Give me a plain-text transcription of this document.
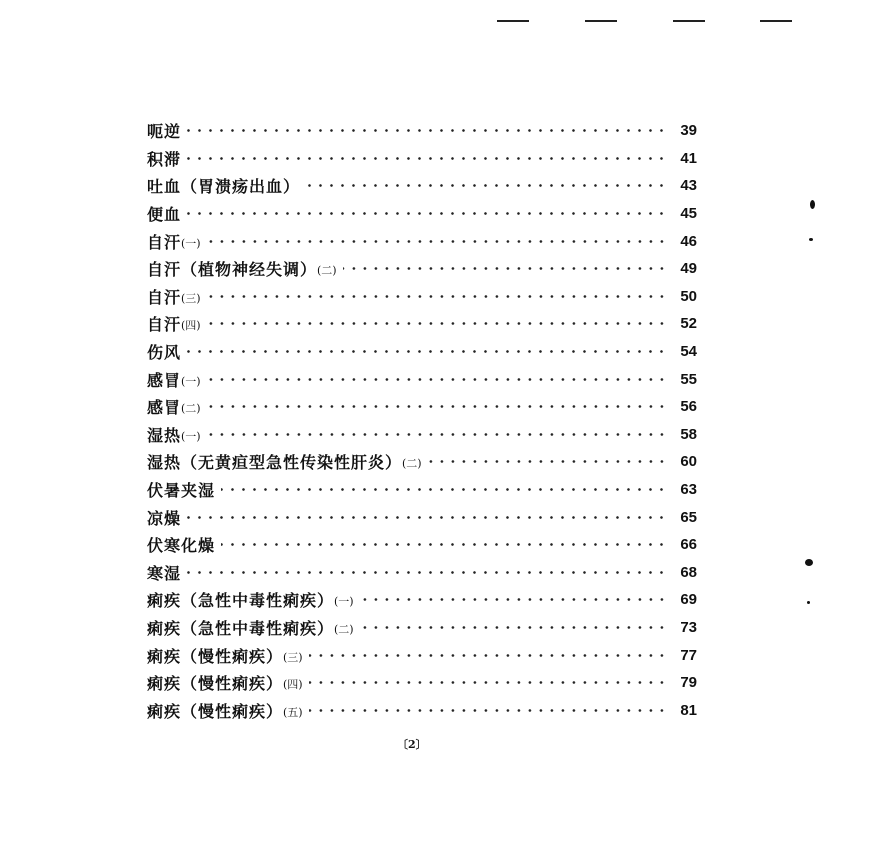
呃逆	39
积滞	41
吐血（胃溃疡出血）	43
便血	45
自汗(一)	46
自汗（植物神经失调）(二)	49
自汗(三)	50
自汗(四)	52
伤风	54
感冒(一)	55
感冒(二)	56
湿热(一)	58
湿热（无黄疸型急性传染性肝炎）(二)	60
伏暑夹湿	63
凉燥	65
伏寒化燥	66
寒湿	68
痢疾（急性中毒性痢疾）(一)	69
痢疾（急性中毒性痢疾）(二)	73
痢疾（慢性痢疾）(三)	77
痢疾（慢性痢疾）(四)	79
痢疾（慢性痢疾）(五)	81
〔2〕
